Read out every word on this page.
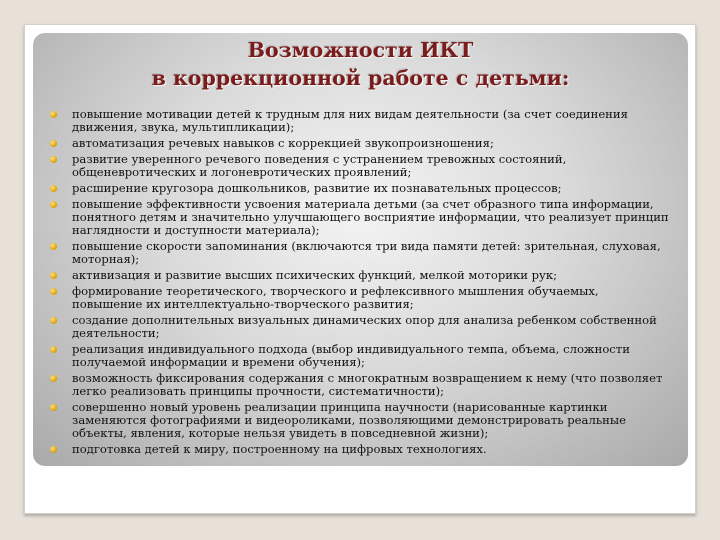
Возможности ИКТ
в коррекционной работе с детьми:
повышение мотивации детей к трудным для них видам деятельности (за счет соединения движения, звука, мультипликации);
автоматизация речевых навыков с коррекцией звукопроизношения;
развитие уверенного речевого поведения с устранением тревожных состояний, общеневротических и логоневротических проявлений;
расширение кругозора дошкольников, развитие их познавательных процессов;
повышение эффективности усвоения материала детьми (за счет образного типа информации, понятного детям и значительно улучшающего восприятие информации, что реализует принцип наглядности и доступности материала);
повышение скорости запоминания (включаются три вида памяти детей: зрительная, слуховая, моторная);
активизация и развитие высших психических функций, мелкой моторики рук;
формирование теоретического, творческого и рефлексивного мышления обучаемых, повышение их интеллектуально-творческого развития;
создание дополнительных визуальных динамических опор для анализа ребенком собственной деятельности;
реализация индивидуального подхода (выбор индивидуального темпа, объема, сложности получаемой информации и времени обучения);
возможность фиксирования содержания с многократным возвращением к нему (что позволяет легко реализовать принципы прочности, систематичности);
совершенно новый уровень реализации принципа научности (нарисованные картинки заменяются фотографиями и видеороликами, позволяющими демонстрировать реальные объекты, явления, которые нельзя увидеть в повседневной жизни);
подготовка детей к миру, построенному на цифровых технологиях.
